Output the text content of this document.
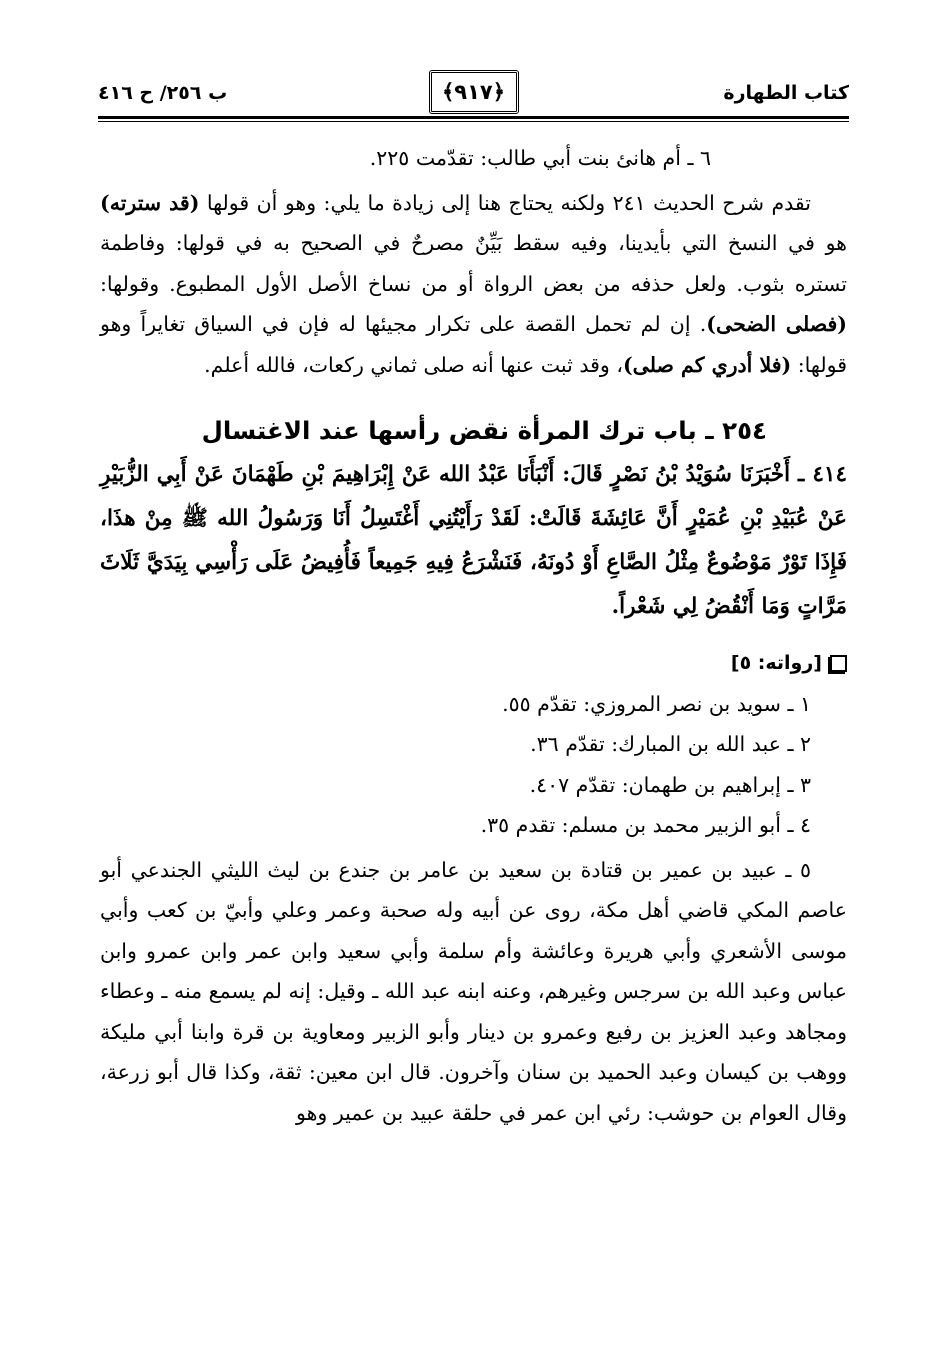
كتاب الطهارة
﴿٩١٧﴾
ب ٢٥٦/ ح ٤١٦

٦ ـ أم هانئ بنت أبي طالب: تقدّمت ٢٢٥.

تقدم شرح الحديث ٢٤١ ولكنه يحتاج هنا إلى زيادة ما يلي: وهو أن قولها (قد سترته) هو في النسخ التي بأيدينا، وفيه سقط بَيِّنٌ مصرحٌ في الصحيح به في قولها: وفاطمة تستره بثوب. ولعل حذفه من بعض الرواة أو من نساخ الأصل الأول المطبوع. وقولها: (فصلى الضحى). إن لم تحمل القصة على تكرار مجيئها له فإن في السياق تغايراً وهو قولها: (فلا أدري كم صلى)، وقد ثبت عنها أنه صلى ثماني ركعات، فالله أعلم.

٢٥٤ ـ باب ترك المرأة نقض رأسها عند الاغتسال

٤١٤ ـ أَخْبَرَنَا سُوَيْدُ بْنُ نَصْرٍ قَالَ: أَنْبَأَنَا عَبْدُ الله عَنْ إِبْرَاهِيمَ بْنِ طَهْمَانَ عَنْ أَبِي الزُّبَيْرِ عَنْ عُبَيْدِ بْنِ عُمَيْرٍ أَنَّ عَائِشَةَ قَالَتْ: لَقَدْ رَأَيْتُنِي أَغْتَسِلُ أَنَا وَرَسُولُ الله ﷺ مِنْ هذَا، فَإِذَا تَوْرٌ مَوْضُوعٌ مِثْلُ الصَّاعِ أَوْ دُونَهُ، فَنَشْرَعُ فِيهِ جَمِيعاً فَأُفِيضُ عَلَى رَأْسِي بِيَدَيَّ ثَلَاثَ مَرَّاتٍ وَمَا أَنْقُضُ لِي شَعْراً.

[رواته: ٥]

١ ـ سويد بن نصر المروزي: تقدّم ٥٥.

٢ ـ عبد الله بن المبارك: تقدّم ٣٦.

٣ ـ إبراهيم بن طهمان: تقدّم ٤٠٧.

٤ ـ أبو الزبير محمد بن مسلم: تقدم ٣٥.

٥ ـ عبيد بن عمير بن قتادة بن سعيد بن عامر بن جندع بن ليث الليثي الجندعي أبو عاصم المكي قاضي أهل مكة، روى عن أبيه وله صحبة وعمر وعلي وأبيّ بن كعب وأبي موسى الأشعري وأبي هريرة وعائشة وأم سلمة وأبي سعيد وابن عمر وابن عمرو وابن عباس وعبد الله بن سرجس وغيرهم، وعنه ابنه عبد الله ـ وقيل: إنه لم يسمع منه ـ وعطاء ومجاهد وعبد العزيز بن رفيع وعمرو بن دينار وأبو الزبير ومعاوية بن قرة وابنا أبي مليكة ووهب بن كيسان وعبد الحميد بن سنان وآخرون. قال ابن معين: ثقة، وكذا قال أبو زرعة، وقال العوام بن حوشب: رئي ابن عمر في حلقة عبيد بن عمير وهو
